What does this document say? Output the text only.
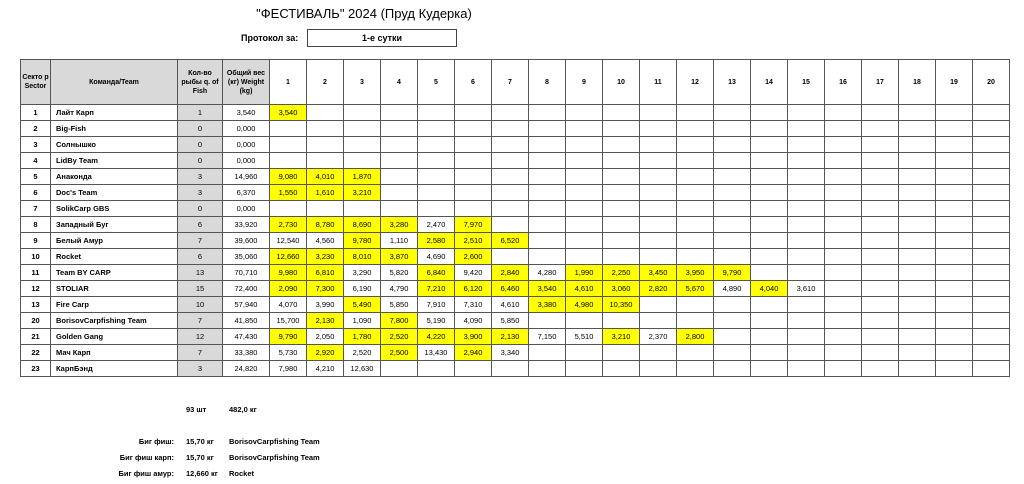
"ФЕСТИВАЛЬ" 2024 (Пруд Кудерка)
Протокол за:	1-е сутки
Секто р Sector	Команда/Team	Кол-во рыбы q. of Fish	Общий вес (кг) Weight (kg)	1	2	3	4	5	6	7	8	9	10	11	12	13	14	15	16	17	18	19	20
1	Лайт Карп	1	3,540	3,540																			
2	Big-Fish	0	0,000																				
3	Солнышко	0	0,000																				
4	LidBy Team	0	0,000																				
5	Анаконда	3	14,960	9,080	4,010	1,870																	
6	Doc's Team	3	6,370	1,550	1,610	3,210																	
7	SolikCarp GBS	0	0,000																				
8	Западный Буг	6	33,920	2,730	8,780	8,690	3,280	2,470	7,970														
9	Белый Амур	7	39,600	12,540	4,560	9,780	1,110	2,580	2,510	6,520													
10	Rocket	6	35,060	12,660	3,230	8,010	3,870	4,690	2,600														
11	Team BY CARP	13	70,710	9,980	6,810	3,290	5,820	6,840	9,420	2,840	4,280	1,990	2,250	3,450	3,950	9,790							
12	STOLIAR	15	72,400	2,090	7,300	6,190	4,790	7,210	6,120	6,460	3,540	4,610	3,060	2,820	5,670	4,890	4,040	3,610					
13	Fire Carp	10	57,940	4,070	3,990	5,490	5,850	7,910	7,310	4,610	3,380	4,980	10,350										
20	BorisovCarpfishing Team	7	41,850	15,700	2,130	1,090	7,800	5,190	4,090	5,850													
21	Golden Gang	12	47,430	9,790	2,050	1,780	2,520	4,220	3,900	2,130	7,150	5,510	3,210	2,370	2,800								
22	Мач Карп	7	33,380	5,730	2,920	2,520	2,500	13,430	2,940	3,340													
23	КарпБэнд	3	24,820	7,980	4,210	12,630																	
93 шт	482,0 кг
Биг фиш: 15,70 кг BorisovCarpfishing Team
Биг фиш карп: 15,70 кг BorisovCarpfishing Team
Биг фиш амур: 12,660 кг Rocket
